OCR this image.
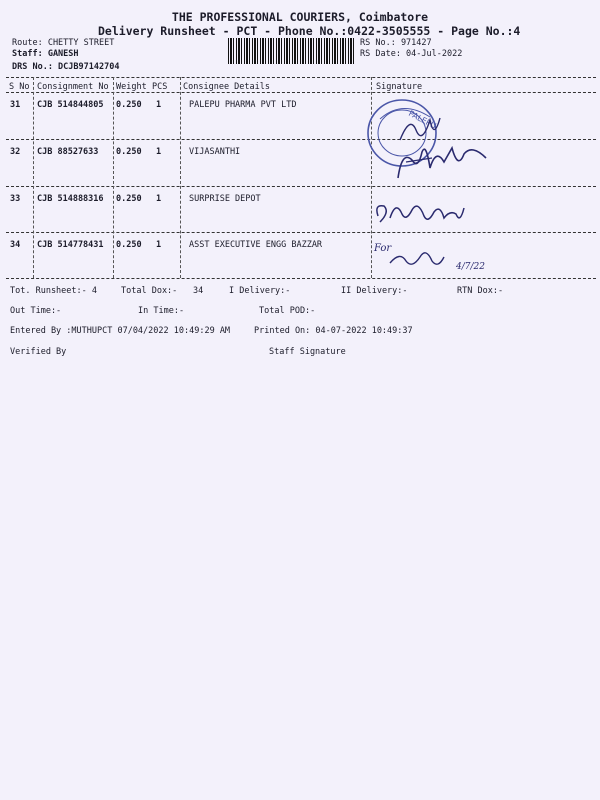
THE PROFESSIONAL COURIERS, Coimbatore
Delivery Runsheet - PCT - Phone No.:0422-3505555 - Page No.:4
Route: CHETTY STREET
Staff: GANESH
DRS No.: DCJB97142704
RS No.: 971427
RS Date: 04-Jul-2022
S No Consignment No Weight PCS Consignee Details	Signature
31 CJB 514844805 0.250 1	PALEPU PHARMA PVT LTD
32 CJB 88527633 0.250 1	VIJASANTHI
33 CJB 514888316 0.250 1	SURPRISE DEPOT
34 CJB 514778431 0.250 1	ASST EXECUTIVE ENGG BAZZAR
PALEPU
For
4/7/22
Tot. Runsheet:- 4	Total Dox:- 34	I Delivery:-	II Delivery:-	RTN Dox:-
Out Time:-	In Time:-	Total POD:-
Entered By :MUTHUPCT 07/04/2022 10:49:29 AM	Printed On: 04-07-2022 10:49:37
Verified By	Staff Signature
